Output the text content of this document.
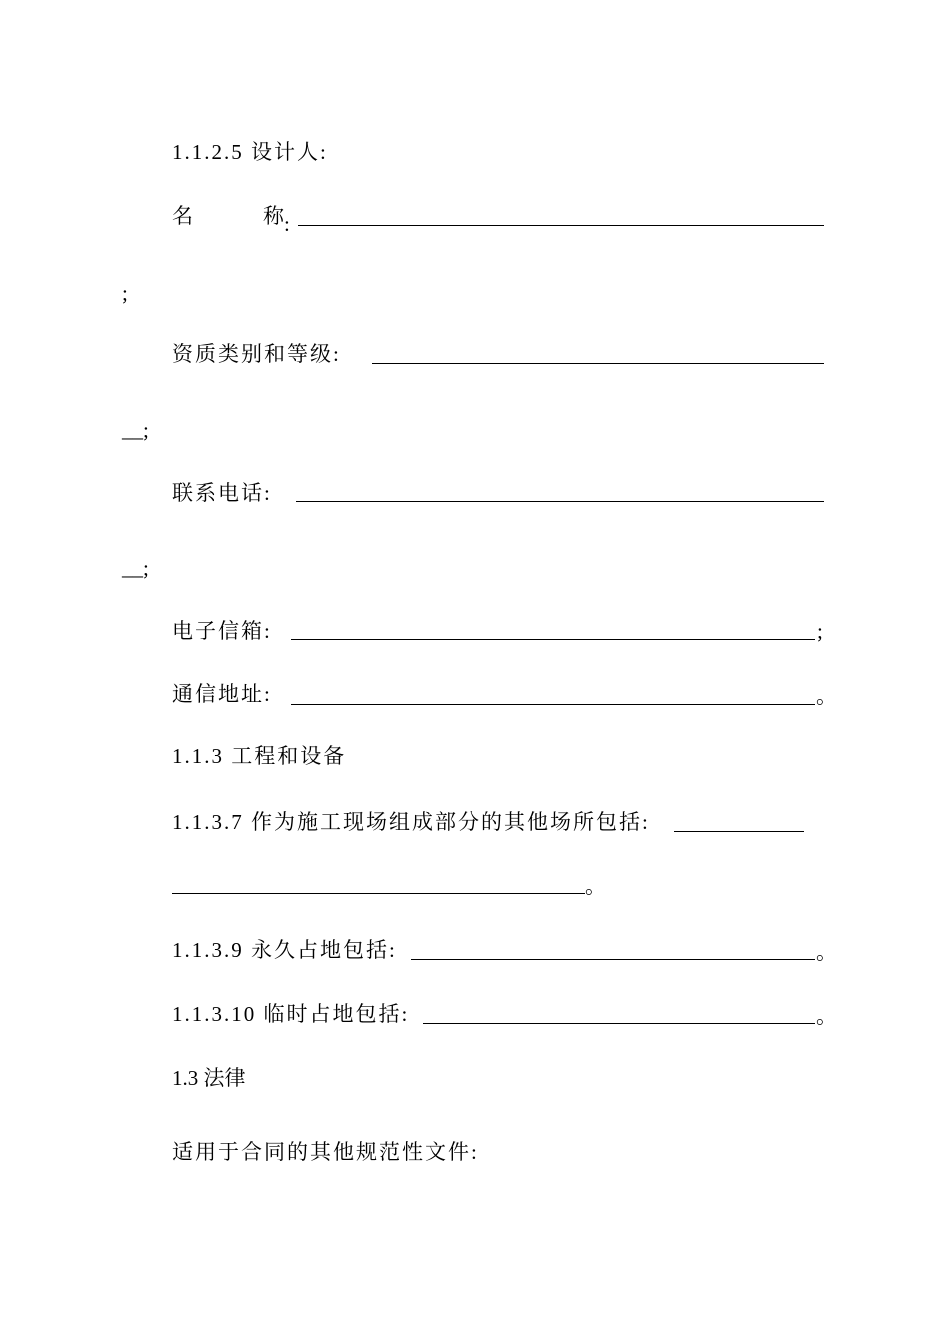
1.1.2.5 设计人:
名	称 :
;
资质类别和等级:
__;
联系电话:
__;
电子信箱:	;
通信地址:	。
1.1.3 工程和设备
1.1.3.7 作为施工现场组成部分的其他场所包括:
。
1.1.3.9 永久占地包括:	。
1.1.3.10 临时占地包括:	。
1.3 法律
适用于合同的其他规范性文件:
